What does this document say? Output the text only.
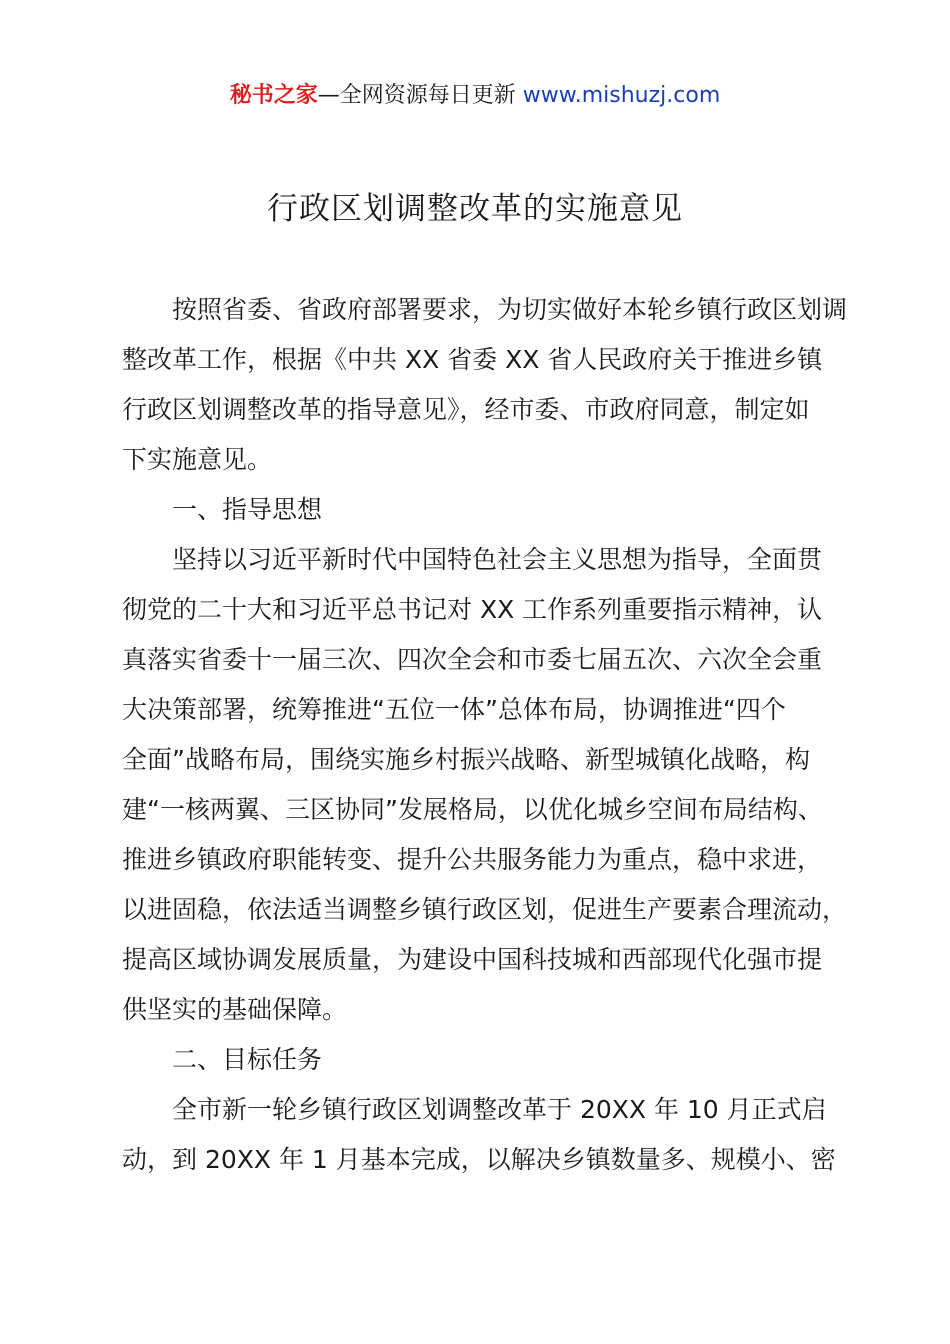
秘书之家—全网资源每日更新 www.mishuzj.com
行政区划调整改革的实施意见
按照省委、省政府部署要求，为切实做好本轮乡镇行政区划调
整改革工作，根据《中共 XX 省委 XX 省人民政府关于推进乡镇
行政区划调整改革的指导意见》，经市委、市政府同意，制定如
下实施意见。
一、指导思想
坚持以习近平新时代中国特色社会主义思想为指导，全面贯
彻党的二十大和习近平总书记对 XX 工作系列重要指示精神，认
真落实省委十一届三次、四次全会和市委七届五次、六次全会重
大决策部署，统筹推进“五位一体”总体布局，协调推进“四个
全面”战略布局，围绕实施乡村振兴战略、新型城镇化战略，构
建“一核两翼、三区协同”发展格局，以优化城乡空间布局结构、
推进乡镇政府职能转变、提升公共服务能力为重点，稳中求进，
以进固稳，依法适当调整乡镇行政区划，促进生产要素合理流动，
提高区域协调发展质量，为建设中国科技城和西部现代化强市提
供坚实的基础保障。
二、目标任务
全市新一轮乡镇行政区划调整改革于 20XX 年 10 月正式启
动，到 20XX 年 1 月基本完成，以解决乡镇数量多、规模小、密
